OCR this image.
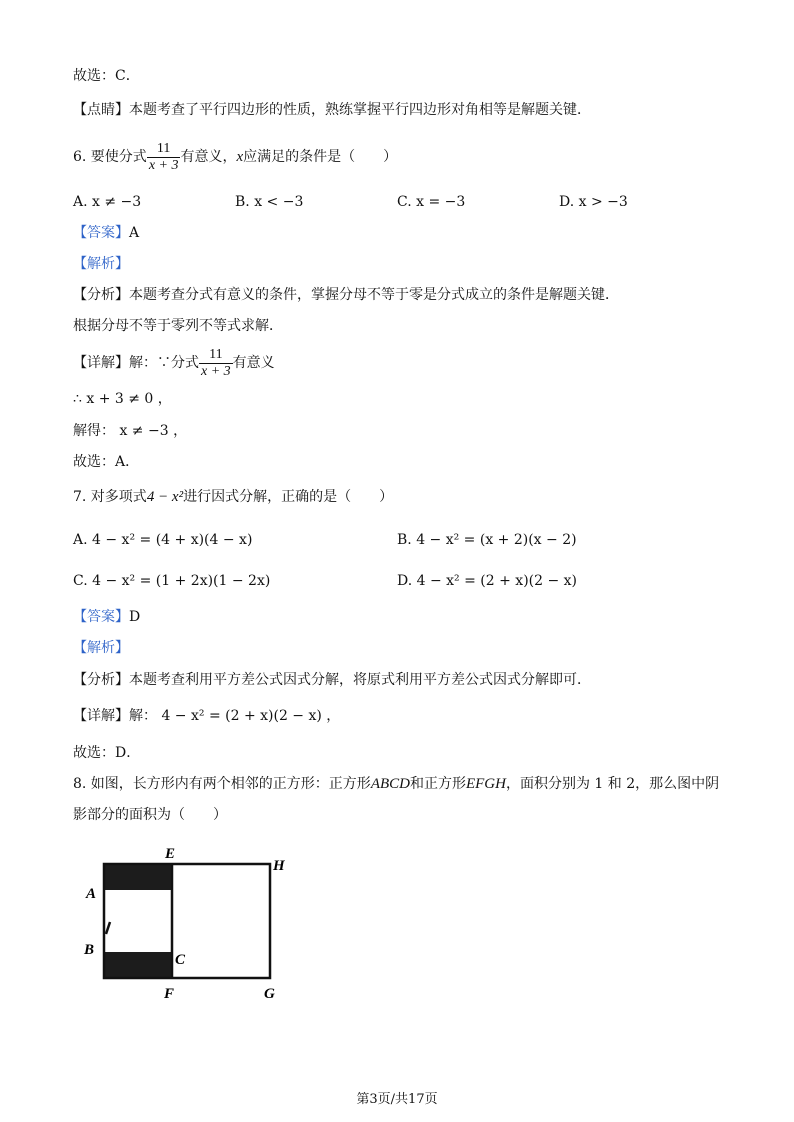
故选：C．
【点睛】本题考查了平行四边形的性质，熟练掌握平行四边形对角相等是解题关键．
6. 要使分式 $\frac{11}{x + 3}$ 有意义，x应满足的条件是（　　）
A. x ≠ −3	B. x < −3	C. x = −3	D. x > −3
【答案】A
【解析】
【分析】本题考查分式有意义的条件，掌握分母不等于零是分式成立的条件是解题关键．
根据分母不等于零列不等式求解．
【详解】解：∵分式 $\frac{11}{x + 3}$ 有意义
∴ x + 3 ≠ 0 ，
解得： x ≠ −3 ，
故选：A．
7. 对多项式4 − x²进行因式分解，正确的是（　　）
A. 4 − x² = (4 + x)(4 − x)	B. 4 − x² = (x + 2)(x − 2)
C. 4 − x² = (1 + 2x)(1 − 2x)	D. 4 − x² = (2 + x)(2 − x)
【答案】D
【解析】
【分析】本题考查利用平方差公式因式分解，将原式利用平方差公式因式分解即可．
【详解】解： 4 − x² = (2 + x)(2 − x) ，
故选：D．
8. 如图，长方形内有两个相邻的正方形：正方形ABCD和正方形EFGH，面积分别为 1 和 2，那么图中阴
影部分的面积为（　　）
E
H
A
B
C
F	G
第3页/共17页
